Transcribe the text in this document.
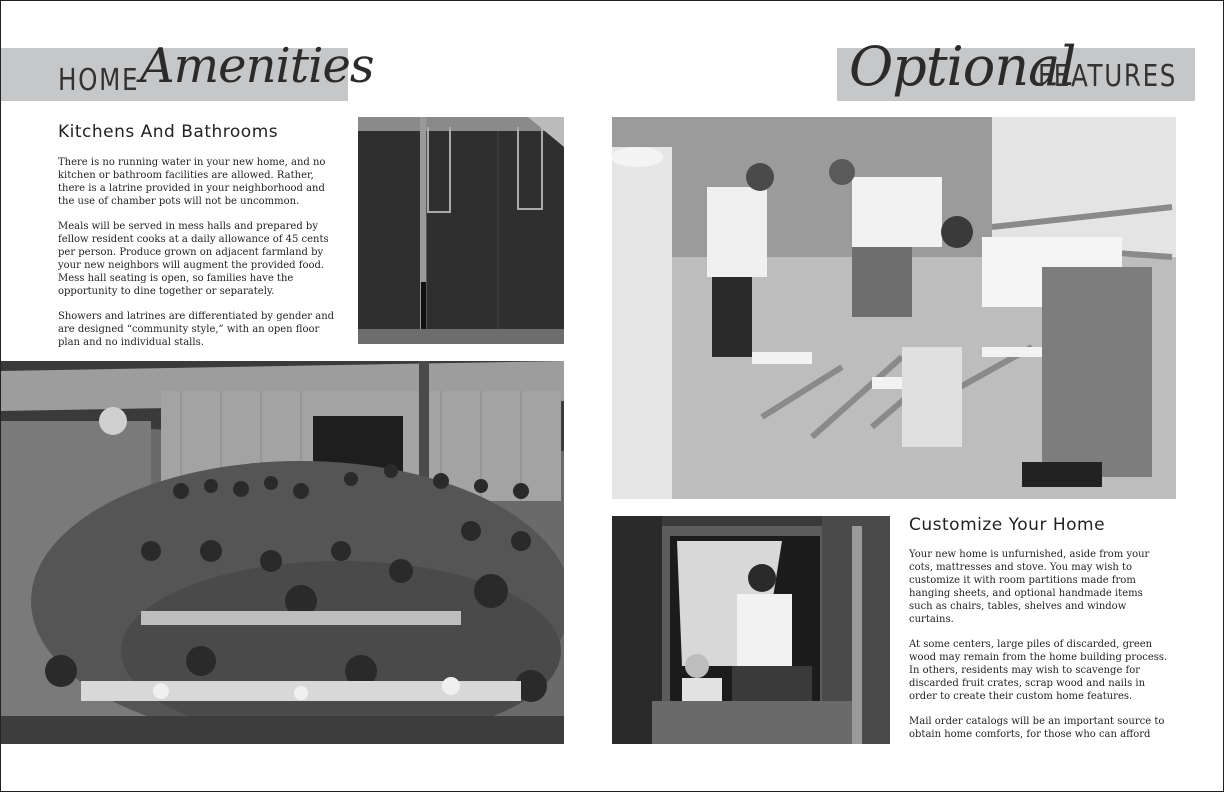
HOME Amenities	Optional
FEATURES
Kitchens And Bathrooms

There is no running water in your new home, and no kitchen or bathroom facilities are allowed. Rather, there is a latrine provided in your neighborhood and the use of chamber pots will not be uncommon.

Meals will be served in mess halls and prepared by fellow resident cooks at a daily allowance of 45 cents per person. Produce grown on adjacent farmland by your new neighbors will augment the provided food. Mess hall seating is open, so families have the opportunity to dine together or separately.

Showers and latrines are differentiated by gender and are designed “community style,” with an open floor plan and no individual stalls.

Customize Your Home

Your new home is unfurnished, aside from your cots, mattresses and stove. You may wish to customize it with room partitions made from hanging sheets, and optional handmade items such as chairs, tables, shelves and window curtains.

At some centers, large piles of discarded, green wood may remain from the home building process. In others, residents may wish to scavenge for discarded fruit crates, scrap wood and nails in order to create their custom home features.

Mail order catalogs will be an important source to obtain home comforts, for those who can afford
